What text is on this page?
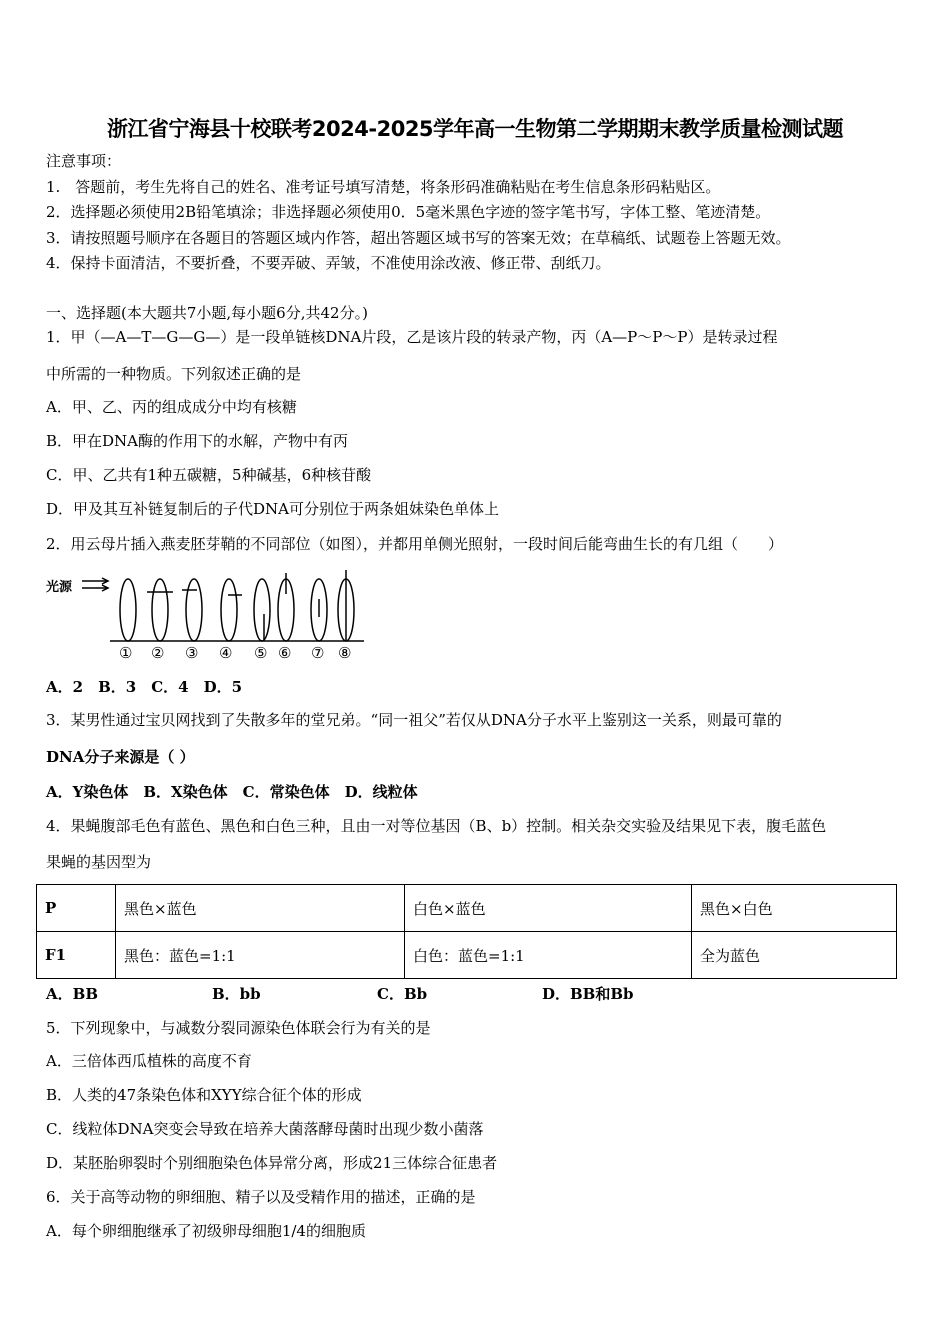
浙江省宁海县十校联考2024-2025学年高一生物第二学期期末教学质量检测试题
注意事项：
1.　答题前，考生先将自己的姓名、准考证号填写清楚，将条形码准确粘贴在考生信息条形码粘贴区。
2．选择题必须使用2B铅笔填涂；非选择题必须使用0．5毫米黑色字迹的签字笔书写，字体工整、笔迹清楚。
3．请按照题号顺序在各题目的答题区域内作答，超出答题区域书写的答案无效；在草稿纸、试题卷上答题无效。
4．保持卡面清洁，不要折叠，不要弄破、弄皱，不准使用涂改液、修正带、刮纸刀。
一、选择题(本大题共7小题,每小题6分,共42分。)
1．甲（—A—T—G—G—）是一段单链核DNA片段，乙是该片段的转录产物，丙（A—P～P～P）是转录过程
中所需的一种物质。下列叙述正确的是
A．甲、乙、丙的组成成分中均有核糖
B．甲在DNA酶的作用下的水解，产物中有丙
C．甲、乙共有1种五碳糖，5种碱基，6种核苷酸
D．甲及其互补链复制后的子代DNA可分别位于两条姐妹染色单体上
2．用云母片插入燕麦胚芽鞘的不同部位（如图），并都用单侧光照射，一段时间后能弯曲生长的有几组（　　）
光源
① ② ③ ④ ⑤ ⑥ ⑦ ⑧
A．2　B．3　C．4　D．5
3．某男性通过宝贝网找到了失散多年的堂兄弟。“同一祖父”若仅从DNA分子水平上鉴别这一关系，则最可靠的
DNA分子来源是（ ）
A．Y染色体　B．X染色体　C．常染色体　D．线粒体
4．果蝇腹部毛色有蓝色、黑色和白色三种，且由一对等位基因（B、b）控制。相关杂交实验及结果见下表，腹毛蓝色
果蝇的基因型为
P	黑色×蓝色	白色×蓝色	黑色×白色
F1	黑色：蓝色=1:1	白色：蓝色=1:1	全为蓝色
A．BB	B．bb	C．Bb	D．BB和Bb
5．下列现象中，与减数分裂同源染色体联会行为有关的是
A．三倍体西瓜植株的高度不育
B．人类的47条染色体和XYY综合征个体的形成
C．线粒体DNA突变会导致在培养大菌落酵母菌时出现少数小菌落
D．某胚胎卵裂时个别细胞染色体异常分离，形成21三体综合征患者
6．关于高等动物的卵细胞、精子以及受精作用的描述，正确的是
A．每个卵细胞继承了初级卵母细胞1/4的细胞质
